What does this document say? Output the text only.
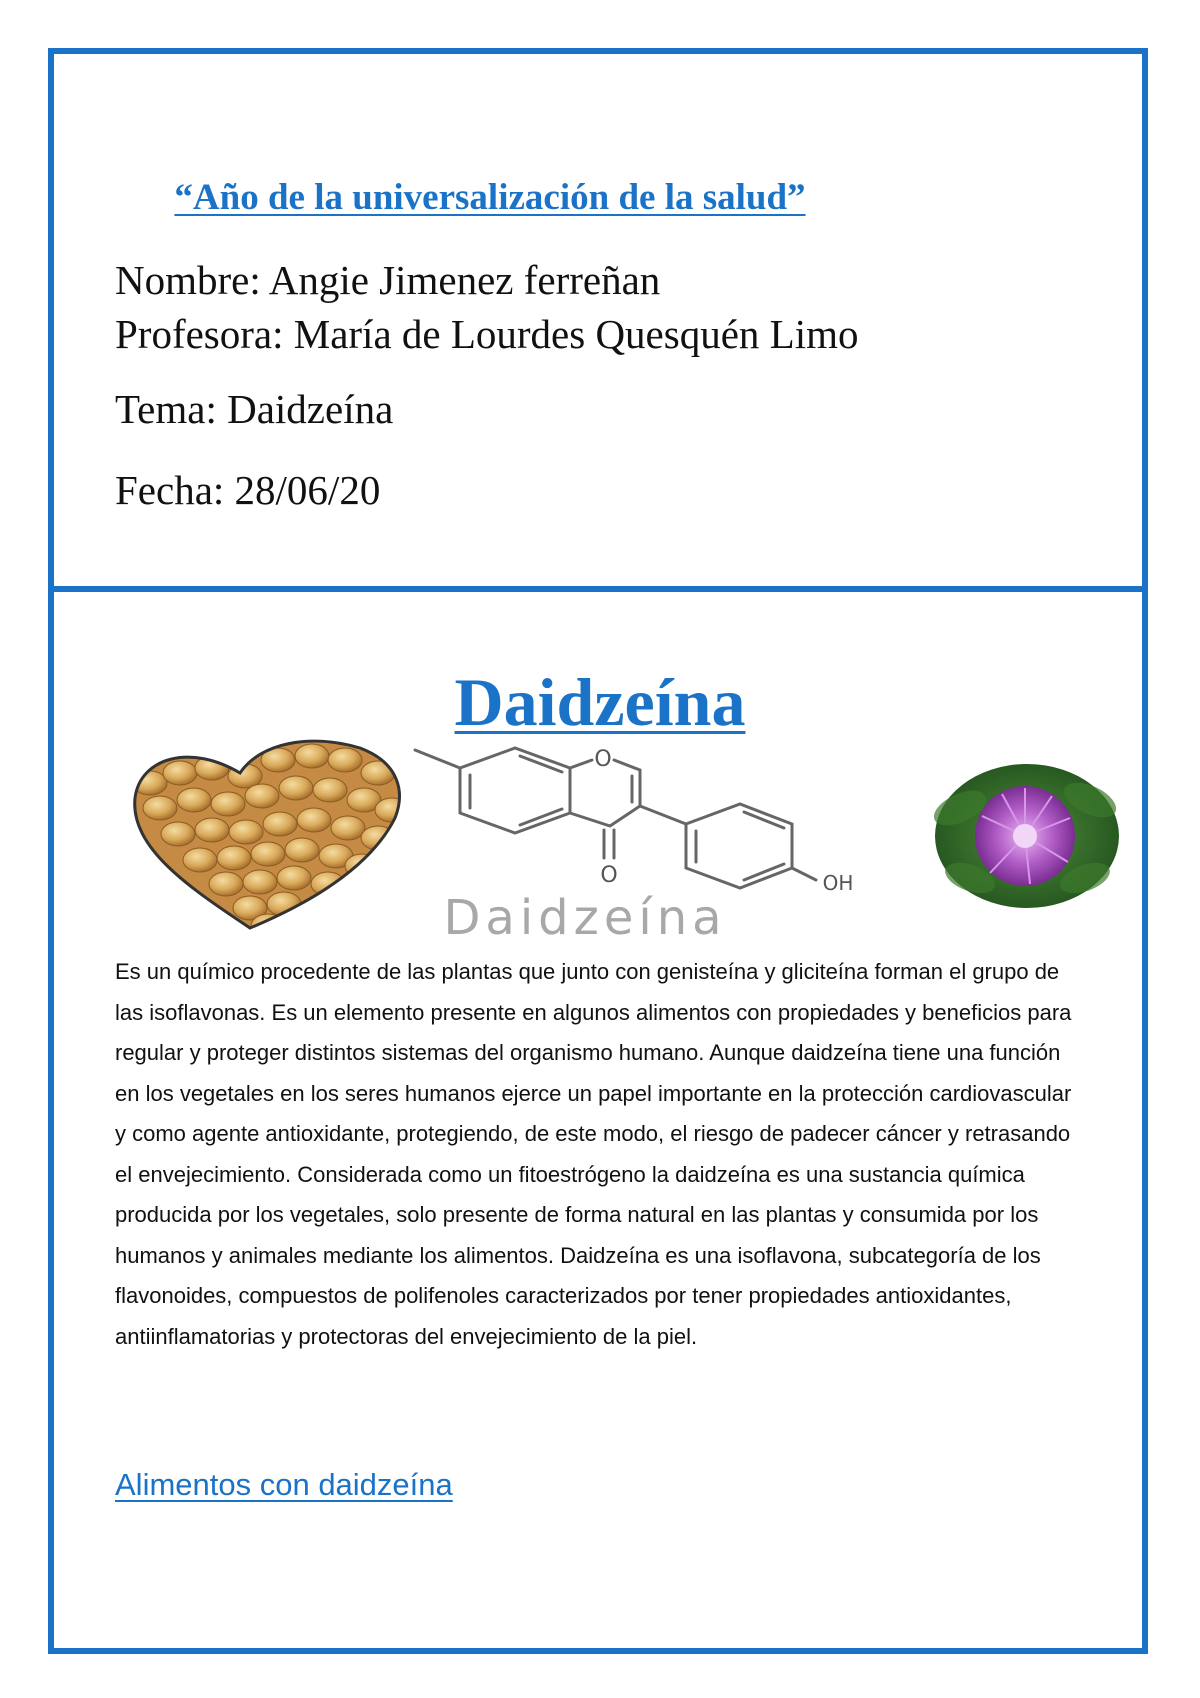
“Año de la universalización de la salud”
Nombre: Angie Jimenez ferreñan
Profesora: María de Lourdes Quesquén Limo
Tema: Daidzeína
Fecha: 28/06/20
Daidzeína
O
O	OH
Daidzeína
Es un químico procedente de las plantas que junto con genisteína y gliciteína forman el grupo de las isoflavonas. Es un elemento presente en algunos alimentos con propiedades y beneficios para regular y proteger distintos sistemas del organismo humano. Aunque daidzeína tiene una función en los vegetales en los seres humanos ejerce un papel importante en la protección cardiovascular y como agente antioxidante, protegiendo, de este modo, el riesgo de padecer cáncer y retrasando el envejecimiento. Considerada como un fitoestrógeno la daidzeína es una sustancia química producida por los vegetales, solo presente de forma natural en las plantas y consumida por los humanos y animales mediante los alimentos. Daidzeína es una isoflavona, subcategoría de los flavonoides, compuestos de polifenoles caracterizados por tener propiedades antioxidantes, antiinflamatorias y protectoras del envejecimiento de la piel.
Alimentos con daidzeína
